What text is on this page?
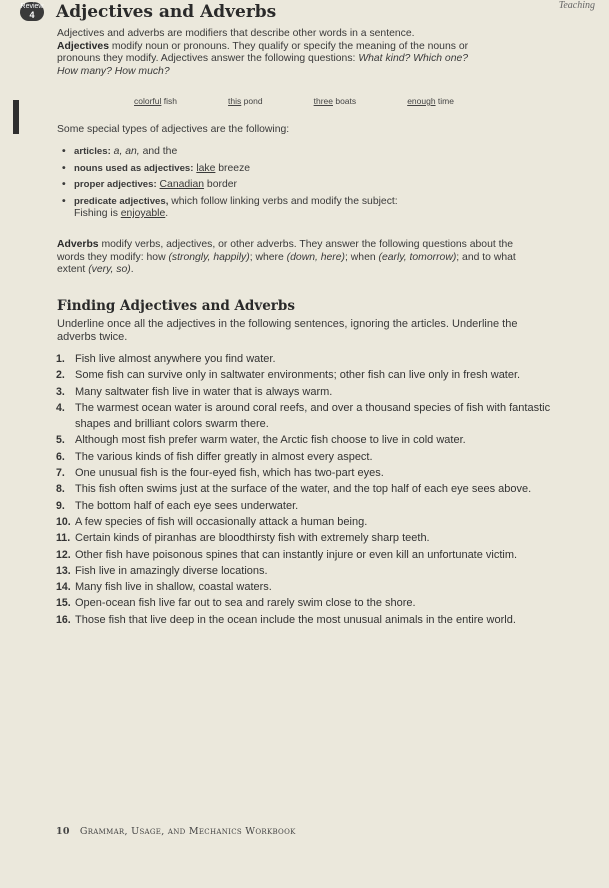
Review
4	Adjectives and Adverbs	Teaching
Adjectives and adverbs are modifiers that describe other words in a sentence.
Adjectives modify noun or pronouns. They qualify or specify the meaning of the nouns or pronouns they modify. Adjectives answer the following questions: What kind? Which one? How many? How much?
colorful fish	this pond	three boats	enough time
Some special types of adjectives are the following:
• articles: a, an, and the
• nouns used as adjectives: lake breeze
• proper adjectives: Canadian border
• predicate adjectives, which follow linking verbs and modify the subject:
Fishing is enjoyable.
Adverbs modify verbs, adjectives, or other adverbs. They answer the following questions about the words they modify: how (strongly, happily); where (down, here); when (early, tomorrow); and to what extent (very, so).
Finding Adjectives and Adverbs
Underline once all the adjectives in the following sentences, ignoring the articles. Underline the adverbs twice.
1. Fish live almost anywhere you find water.
2. Some fish can survive only in saltwater environments; other fish can live only in fresh water.
3. Many saltwater fish live in water that is always warm.
4. The warmest ocean water is around coral reefs, and over a thousand species of fish with fantastic shapes and brilliant colors swarm there.
5. Although most fish prefer warm water, the Arctic fish choose to live in cold water.
6. The various kinds of fish differ greatly in almost every aspect.
7. One unusual fish is the four-eyed fish, which has two-part eyes.
8. This fish often swims just at the surface of the water, and the top half of each eye sees above.
9. The bottom half of each eye sees underwater.
10. A few species of fish will occasionally attack a human being.
11. Certain kinds of piranhas are bloodthirsty fish with extremely sharp teeth.
12. Other fish have poisonous spines that can instantly injure or even kill an unfortunate victim.
13. Fish live in amazingly diverse locations.
14. Many fish live in shallow, coastal waters.
15. Open-ocean fish live far out to sea and rarely swim close to the shore.
16. Those fish that live deep in the ocean include the most unusual animals in the entire world.
10 Grammar, Usage, and Mechanics Workbook
